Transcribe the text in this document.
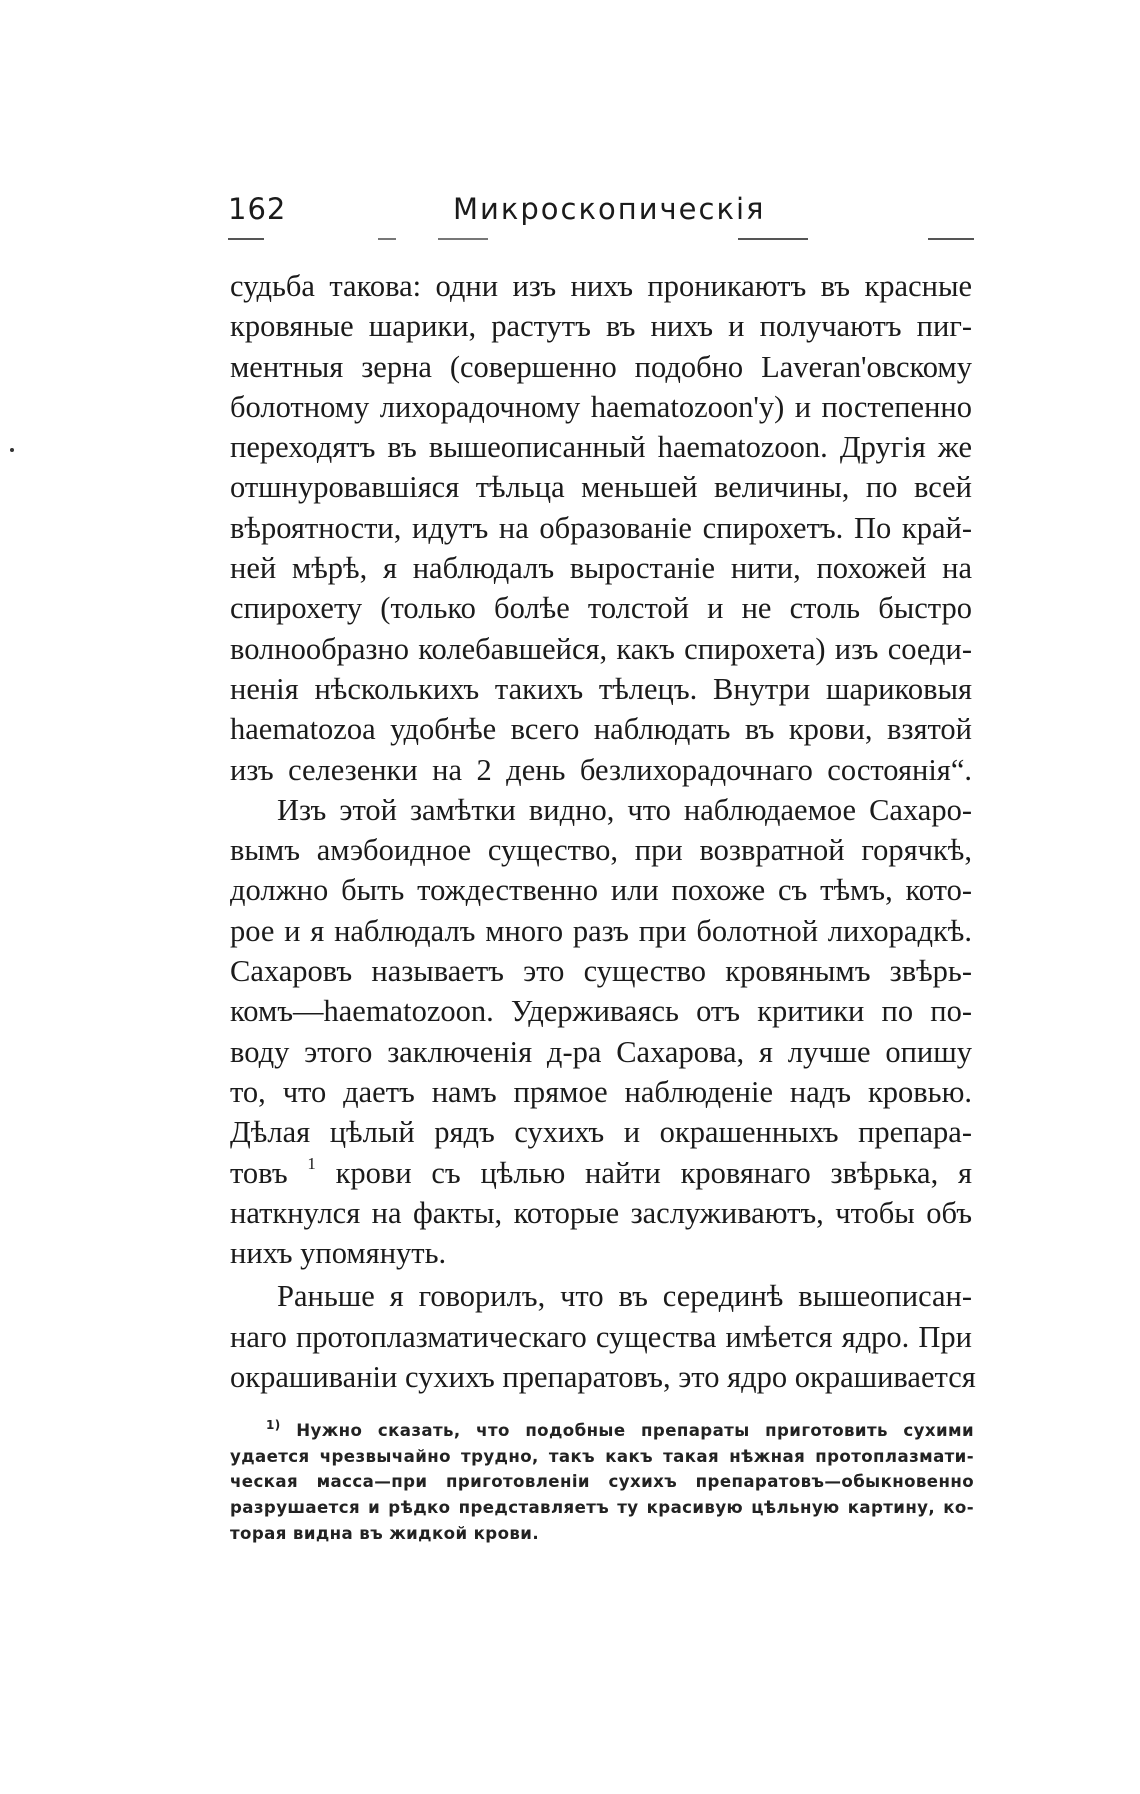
162	Микроскопическія
судьба такова: одни изъ нихъ проникаютъ въ красные
кровяные шарики, растутъ въ нихъ и получаютъ пиг-
ментныя зерна (совершенно подобно Laveran'овскому
болотному лихорадочному haematozoon'у) и постепенно
переходятъ въ вышеописанный haematozoon. Другія же
отшнуровавшіяся тѣльца меньшей величины, по всей
вѣроятности, идутъ на образованіе спирохетъ. По край-
ней мѣрѣ, я наблюдалъ выростаніе нити, похожей на
спирохету (только болѣе толстой и не столь быстро
волнообразно колебавшейся, какъ спирохета) изъ соеди-
ненія нѣсколькихъ такихъ тѣлецъ. Внутри шариковыя
haematozoa удобнѣе всего наблюдать въ крови, взятой
изъ селезенки на 2 день безлихорадочнаго состоянія“.
Изъ этой замѣтки видно, что наблюдаемое Сахаро-
вымъ амэбоидное существо, при возвратной горячкѣ,
должно быть тождественно или похоже съ тѣмъ, кото-
рое и я наблюдалъ много разъ при болотной лихорадкѣ.
Сахаровъ называетъ это существо кровянымъ звѣрь-
комъ—haematozoon. Удерживаясь отъ критики по по-
воду этого заключенія д-ра Сахарова, я лучше опишу
то, что даетъ намъ прямое наблюденіе надъ кровью.
Дѣлая цѣлый рядъ сухихъ и окрашенныхъ препара-
товъ $^1$ крови съ цѣлью найти кровянаго звѣрька, я
наткнулся на факты, которые заслуживаютъ, чтобы объ
нихъ упомянуть.
Раньше я говорилъ, что въ серединѣ вышеописан-
наго протоплазматическаго существа имѣется ядро. При
окрашиваніи сухихъ препаратовъ, это ядро окрашивается
$^{1)}$ Нужно сказать, что подобные препараты приготовить сухими
удается чрезвычайно трудно, такъ какъ такая нѣжная протоплазмати-
ческая масса—при приготовленіи сухихъ препаратовъ—обыкновенно
разрушается и рѣдко представляетъ ту красивую цѣльную картину, ко-
торая видна въ жидкой крови.
